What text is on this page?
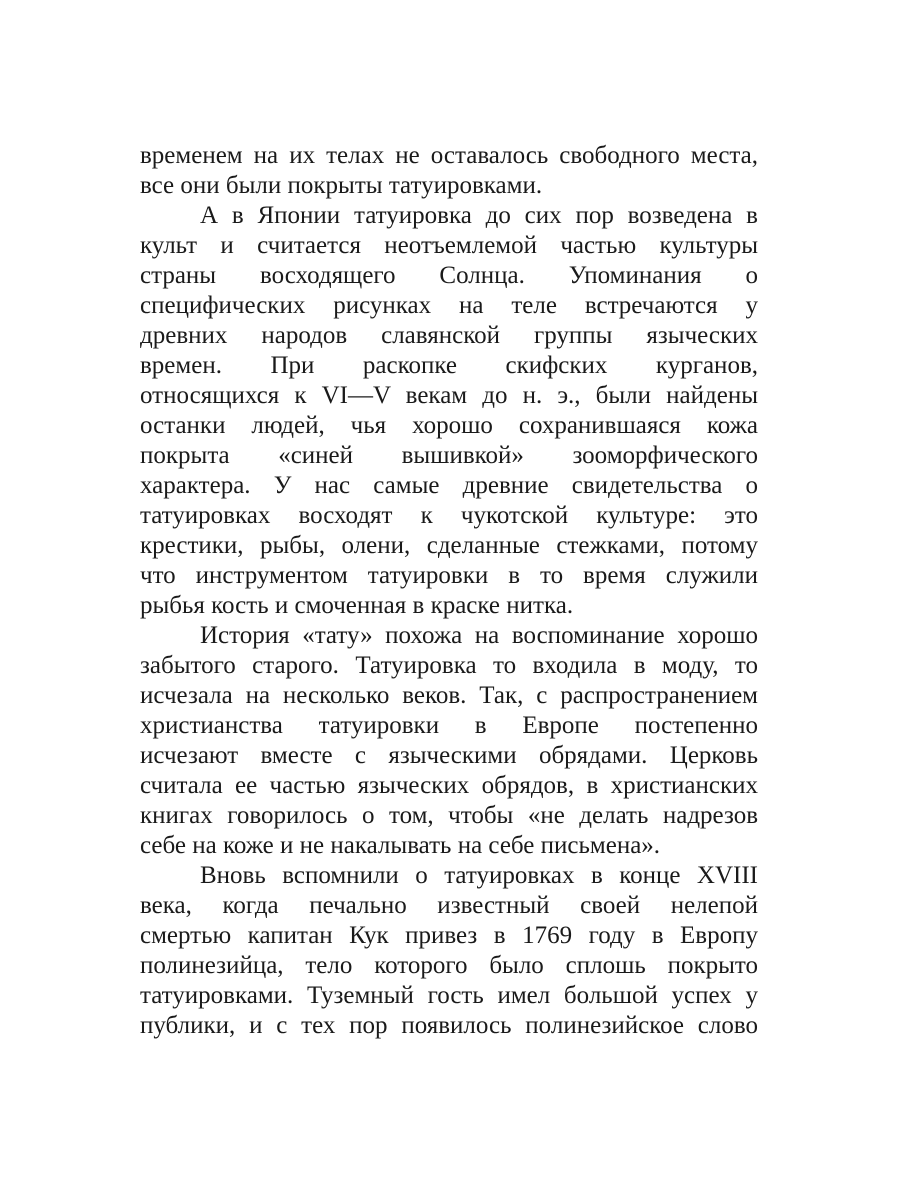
временем на их телах не оставалось свободного места,
все они были покрыты татуировками.
А в Японии татуировка до сих пор возведена в
культ и считается неотъемлемой частью культуры
страны восходящего Солнца. Упоминания о
специфических рисунках на теле встречаются у
древних народов славянской группы языческих
времен. При раскопке скифских курганов,
относящихся к VI—V векам до н. э., были найдены
останки людей, чья хорошо сохранившаяся кожа
покрыта «синей вышивкой» зооморфического
характера. У нас самые древние свидетельства о
татуировках восходят к чукотской культуре: это
крестики, рыбы, олени, сделанные стежками, потому
что инструментом татуировки в то время служили
рыбья кость и смоченная в краске нитка.
История «тату» похожа на воспоминание хорошо
забытого старого. Татуировка то входила в моду, то
исчезала на несколько веков. Так, с распространением
христианства татуировки в Европе постепенно
исчезают вместе с языческими обрядами. Церковь
считала ее частью языческих обрядов, в христианских
книгах говорилось о том, чтобы «не делать надрезов
себе на коже и не накалывать на себе письмена».
Вновь вспомнили о татуировках в конце XVIII
века, когда печально известный своей нелепой
смертью капитан Кук привез в 1769 году в Европу
полинезийца, тело которого было сплошь покрыто
татуировками. Туземный гость имел большой успех у
публики, и с тех пор появилось полинезийское слово
